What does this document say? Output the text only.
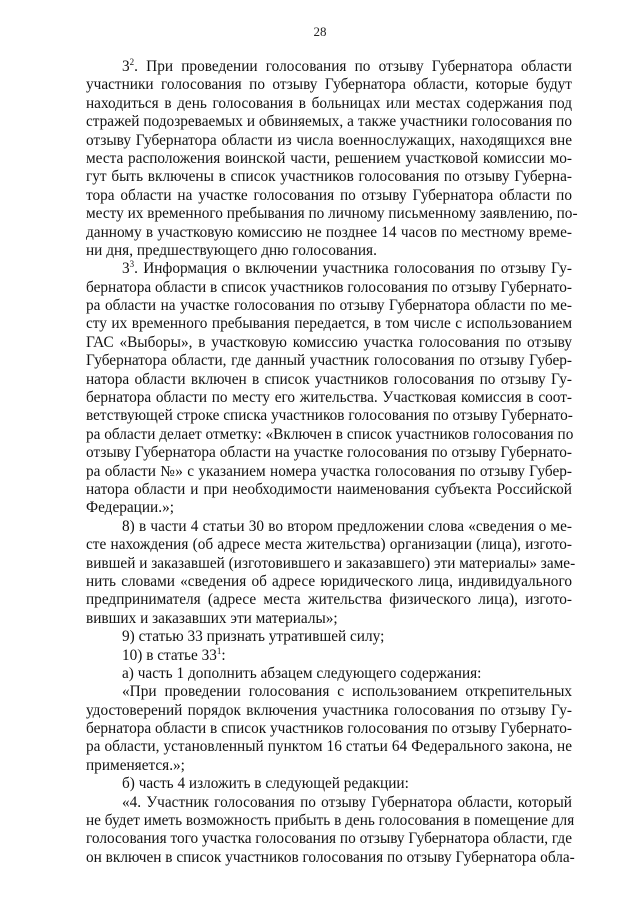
28
$3^2$. При проведении голосования по отзыву Губернатора области
участники голосования по отзыву Губернатора области, которые будут
находиться в день голосования в больницах или местах содержания под
стражей подозреваемых и обвиняемых, а также участники голосования по
отзыву Губернатора области из числа военнослужащих, находящихся вне
места расположения воинской части, решением участковой комиссии мо-
гут быть включены в список участников голосования по отзыву Губерна-
тора области на участке голосования по отзыву Губернатора области по
месту их временного пребывания по личному письменному заявлению, по-
данному в участковую комиссию не позднее 14 часов по местному време-
ни дня, предшествующего дню голосования.
$3^3$. Информация о включении участника голосования по отзыву Гу-
бернатора области в список участников голосования по отзыву Губернато-
ра области на участке голосования по отзыву Губернатора области по ме-
сту их временного пребывания передается, в том числе с использованием
ГАС «Выборы», в участковую комиссию участка голосования по отзыву
Губернатора области, где данный участник голосования по отзыву Губер-
натора области включен в список участников голосования по отзыву Гу-
бернатора области по месту его жительства. Участковая комиссия в соот-
ветствующей строке списка участников голосования по отзыву Губернато-
ра области делает отметку: «Включен в список участников голосования по
отзыву Губернатора области на участке голосования по отзыву Губернато-
ра области №» с указанием номера участка голосования по отзыву Губер-
натора области и при необходимости наименования субъекта Российской
Федерации.»;
8) в части 4 статьи 30 во втором предложении слова «сведения о ме-
сте нахождения (об адресе места жительства) организации (лица), изгото-
вившей и заказавшей (изготовившего и заказавшего) эти материалы» заме-
нить словами «сведения об адресе юридического лица, индивидуального
предпринимателя (адресе места жительства физического лица), изгото-
вивших и заказавших эти материалы»;
9) статью 33 признать утратившей силу;
10) в статье $33^1$:
а) часть 1 дополнить абзацем следующего содержания:
«При проведении голосования с использованием открепительных
удостоверений порядок включения участника голосования по отзыву Гу-
бернатора области в список участников голосования по отзыву Губернато-
ра области, установленный пунктом 16 статьи 64 Федерального закона, не
применяется.»;
б) часть 4 изложить в следующей редакции:
«4. Участник голосования по отзыву Губернатора области, который
не будет иметь возможность прибыть в день голосования в помещение для
голосования того участка голосования по отзыву Губернатора области, где
он включен в список участников голосования по отзыву Губернатора обла-
